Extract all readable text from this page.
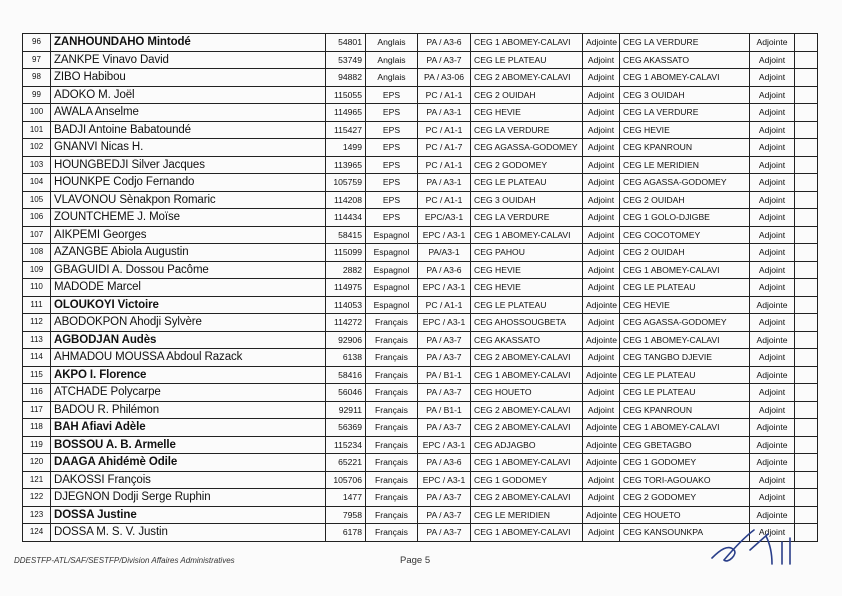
96	ZANHOUNDAHO Mintodé	54801	Anglais	PA / A3-6	CEG 1 ABOMEY-CALAVI	Adjointe	CEG LA VERDURE	Adjointe	
97	ZANKPE Vinavo David	53749	Anglais	PA / A3-7	CEG LE PLATEAU	Adjoint	CEG AKASSATO	Adjoint	
98	ZIBO Habibou	94882	Anglais	PA / A3-06	CEG 2 ABOMEY-CALAVI	Adjoint	CEG 1 ABOMEY-CALAVI	Adjoint	
99	ADOKO M. Joël	115055	EPS	PC / A1-1	CEG 2 OUIDAH	Adjoint	CEG 3 OUIDAH	Adjoint	
100	AWALA Anselme	114965	EPS	PA / A3-1	CEG HEVIE	Adjoint	CEG LA VERDURE	Adjoint	
101	BADJI Antoine Babatoundé	115427	EPS	PC / A1-1	CEG LA VERDURE	Adjoint	CEG HEVIE	Adjoint	
102	GNANVI Nicas H.	1499	EPS	PC / A1-7	CEG AGASSA-GODOMEY	Adjoint	CEG KPANROUN	Adjoint	
103	HOUNGBEDJI Silver Jacques	113965	EPS	PC / A1-1	CEG 2 GODOMEY	Adjoint	CEG LE MERIDIEN	Adjoint	
104	HOUNKPE Codjo Fernando	105759	EPS	PA / A3-1	CEG LE PLATEAU	Adjoint	CEG AGASSA-GODOMEY	Adjoint	
105	VLAVONOU Sènakpon Romaric	114208	EPS	PC / A1-1	CEG 3 OUIDAH	Adjoint	CEG 2 OUIDAH	Adjoint	
106	ZOUNTCHEME J. Moïse	114434	EPS	EPC/A3-1	CEG LA VERDURE	Adjoint	CEG 1 GOLO-DJIGBE	Adjoint	
107	AIKPEMI Georges	58415	Espagnol	EPC / A3-1	CEG 1 ABOMEY-CALAVI	Adjoint	CEG COCOTOMEY	Adjoint	
108	AZANGBE Abiola Augustin	115099	Espagnol	PA/A3-1	CEG PAHOU	Adjoint	CEG 2 OUIDAH	Adjoint	
109	GBAGUIDI A. Dossou Pacôme	2882	Espagnol	PA / A3-6	CEG HEVIE	Adjoint	CEG 1 ABOMEY-CALAVI	Adjoint	
110	MADODE Marcel	114975	Espagnol	EPC / A3-1	CEG HEVIE	Adjoint	CEG LE PLATEAU	Adjoint	
111	OLOUKOYI Victoire	114053	Espagnol	PC / A1-1	CEG LE PLATEAU	Adjointe	CEG HEVIE	Adjointe	
112	ABODOKPON Ahodji Sylvère	114272	Français	EPC / A3-1	CEG AHOSSOUGBETA	Adjoint	CEG AGASSA-GODOMEY	Adjoint	
113	AGBODJAN Audès	92906	Français	PA / A3-7	CEG AKASSATO	Adjointe	CEG 1 ABOMEY-CALAVI	Adjointe	
114	AHMADOU MOUSSA Abdoul Razack	6138	Français	PA / A3-7	CEG 2 ABOMEY-CALAVI	Adjoint	CEG TANGBO DJEVIE	Adjoint	
115	AKPO I. Florence	58416	Français	PA / B1-1	CEG 1 ABOMEY-CALAVI	Adjointe	CEG LE PLATEAU	Adjointe	
116	ATCHADE Polycarpe	56046	Français	PA / A3-7	CEG HOUETO	Adjoint	CEG LE PLATEAU	Adjoint	
117	BADOU R. Philémon	92911	Français	PA / B1-1	CEG 2 ABOMEY-CALAVI	Adjoint	CEG KPANROUN	Adjoint	
118	BAH Afiavi Adèle	56369	Français	PA / A3-7	CEG 2 ABOMEY-CALAVI	Adjointe	CEG 1 ABOMEY-CALAVI	Adjointe	
119	BOSSOU A. B. Armelle	115234	Français	EPC / A3-1	CEG ADJAGBO	Adjointe	CEG GBETAGBO	Adjointe	
120	DAAGA Ahidémè Odile	65221	Français	PA / A3-6	CEG 1 ABOMEY-CALAVI	Adjointe	CEG 1 GODOMEY	Adjointe	
121	DAKOSSI François	105706	Français	EPC / A3-1	CEG 1 GODOMEY	Adjoint	CEG TORI-AGOUAKO	Adjoint	
122	DJEGNON Dodji Serge Ruphin	1477	Français	PA / A3-7	CEG 2 ABOMEY-CALAVI	Adjoint	CEG 2 GODOMEY	Adjoint	
123	DOSSA Justine	7958	Français	PA / A3-7	CEG LE MERIDIEN	Adjointe	CEG HOUETO	Adjointe	
124	DOSSA M. S. V. Justin	6178	Français	PA / A3-7	CEG 1 ABOMEY-CALAVI	Adjoint	CEG KANSOUNKPA	Adjoint	
DDESTFP-ATL/SAF/SESTFP/Division Affaires Administratives	Page 5
